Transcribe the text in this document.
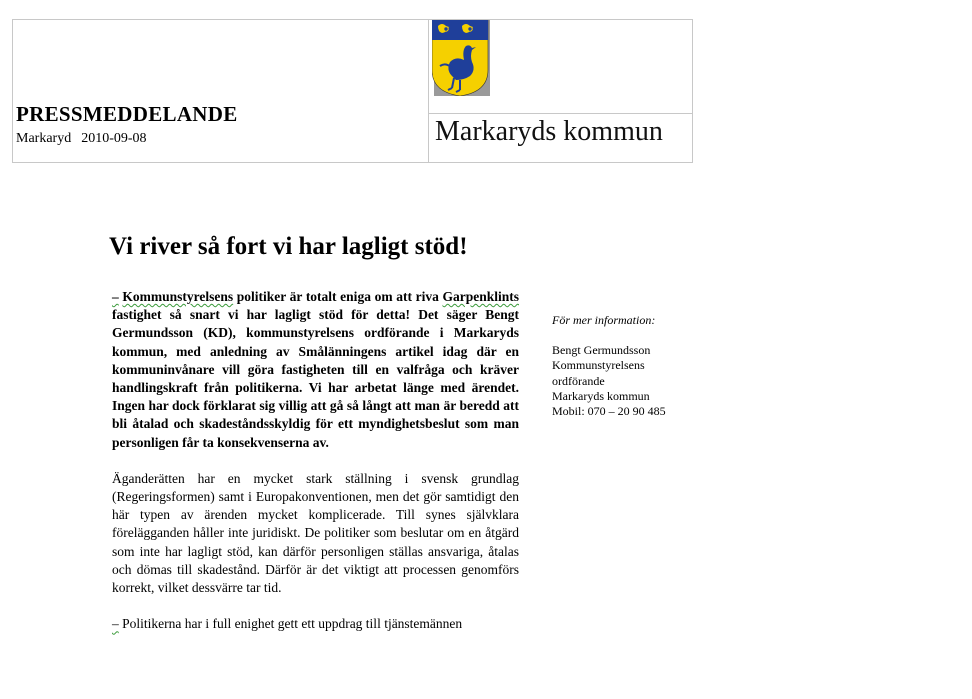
PRESSMEDDELANDE
Markaryd 2010-09-08	Markaryds kommun
Vi river så fort vi har lagligt stöd!

– Kommunstyrelsens politiker är totalt eniga om att riva Garpenklints fastighet så snart vi har lagligt stöd för detta! Det säger Bengt Germundsson (KD), kommunstyrelsens ordförande i Markaryds kommun, med anledning av Smålänningens artikel idag där en kommuninvånare vill göra fastigheten till en valfråga och kräver handlingskraft från politikerna. Vi har arbetat länge med ärendet. Ingen har dock förklarat sig villig att gå så långt att man är beredd att bli åtalad och skadeståndsskyldig för ett myndighetsbeslut som man personligen får ta konsekvenserna av.

Äganderätten har en mycket stark ställning i svensk grundlag (Regeringsformen) samt i Europakonventionen, men det gör samtidigt den här typen av ärenden mycket komplicerade. Till synes självklara förelägganden håller inte juridiskt. De politiker som beslutar om en åtgärd som inte har lagligt stöd, kan därför personligen ställas ansvariga, åtalas och dömas till skadestånd. Därför är det viktigt att processen genomförs korrekt, vilket dessvärre tar tid.

– Politikerna har i full enighet gett ett uppdrag till tjänstemännen

För mer information:
Bengt Germundsson
Kommunstyrelsens
ordförande
Markaryds kommun
Mobil: 070 – 20 90 485
